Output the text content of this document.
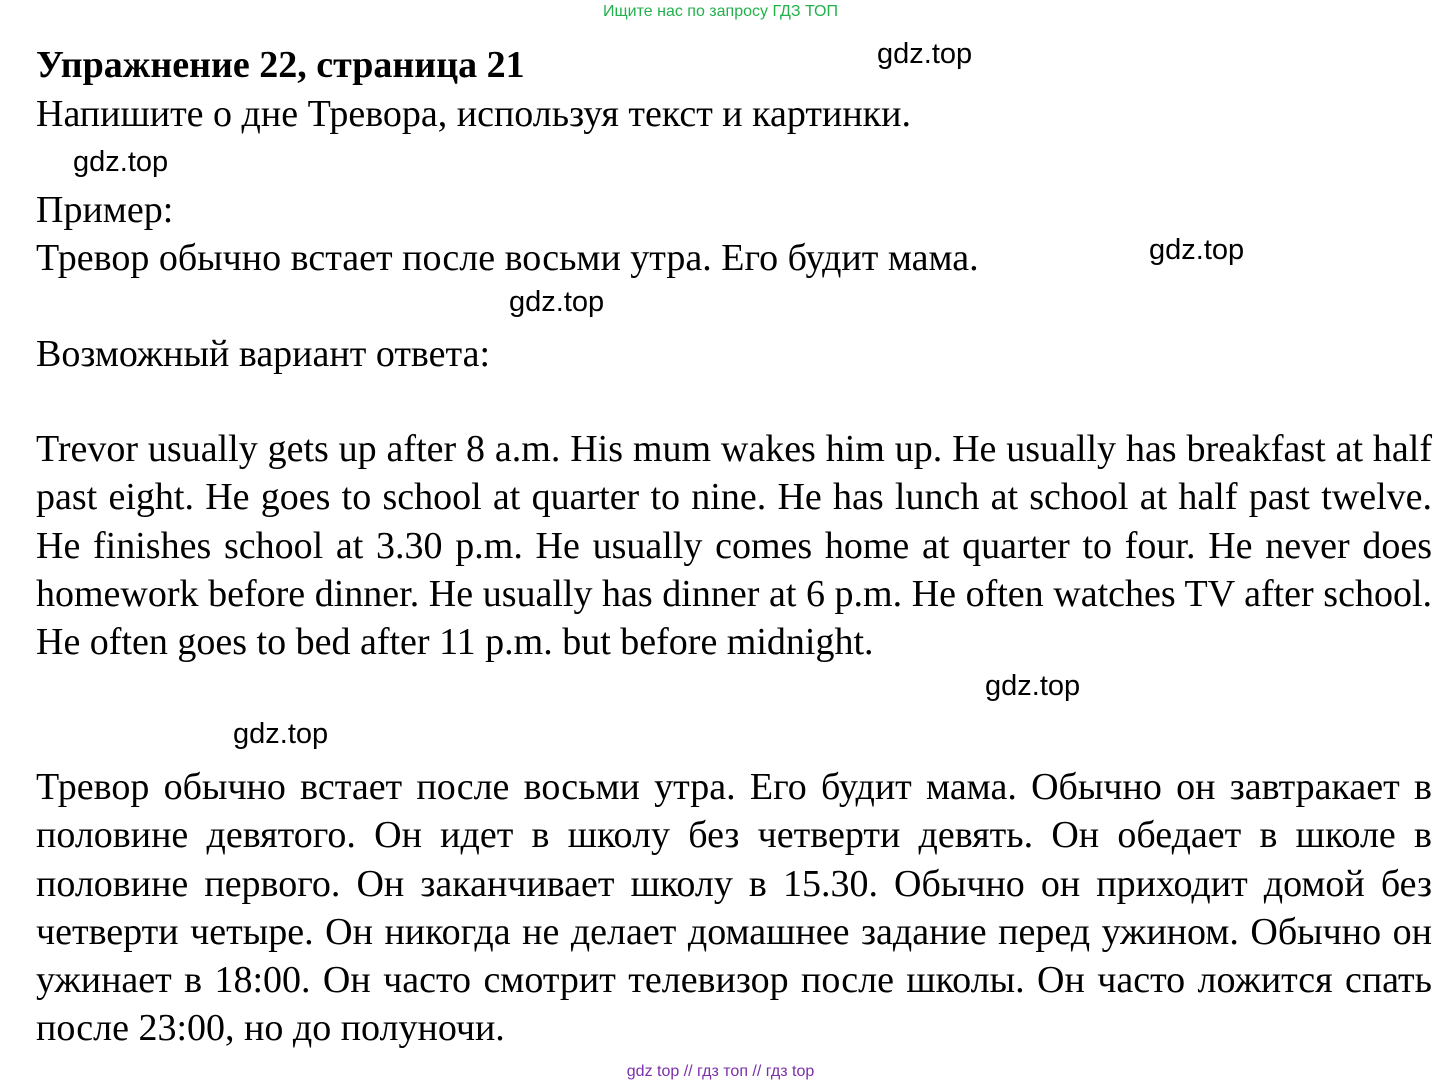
Ищите нас по запросу ГДЗ ТОП
Упражнение 22, страница 21	gdz.top

Напишите о дне Тревора, используя текст и картинки.

gdz.top

Пример:

Тревор обычно встает после восьми утра. Его будит мама.	gdz.top
gdz.top

Возможный вариант ответа:

Trevor usually gets up after 8 a.m. His mum wakes him up. He usually has breakfast at half past eight. He goes to school at quarter to nine. He has lunch at school at half past twelve. He finishes school at 3.30 p.m. He usually comes home at quarter to four. He never does homework before dinner. He usually has dinner at 6 p.m. He often watches TV after school. He often goes to bed after 11 p.m. but before midnight.

gdz.top
gdz.top

Тревор обычно встает после восьми утра. Его будит мама. Обычно он завтракает в половине девятого. Он идет в школу без четверти девять. Он обедает в школе в половине первого. Он заканчивает школу в 15.30. Обычно он приходит домой без четверти четыре. Он никогда не делает домашнее задание перед ужином. Обычно он ужинает в 18:00. Он часто смотрит телевизор после школы. Он часто ложится спать после 23:00, но до полуночи.

gdz top // гдз топ // гдз top
